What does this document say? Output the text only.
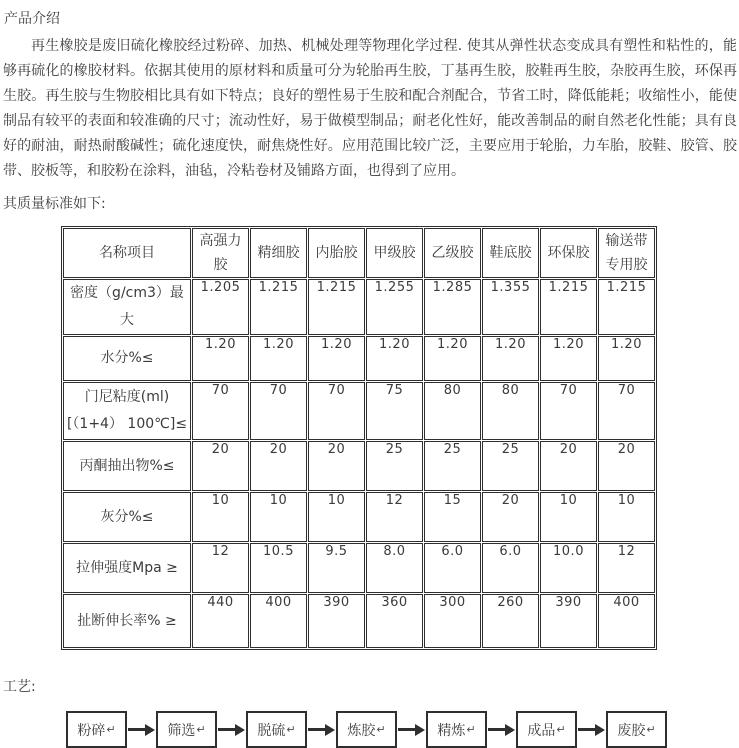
产品介绍

再生橡胶是废旧硫化橡胶经过粉碎、加热、机械处理等物理化学过程. 使其从弹性状态变成具有塑性和粘性的，能够再硫化的橡胶材料。依据其使用的原材料和质量可分为轮胎再生胶，丁基再生胶，胶鞋再生胶，杂胶再生胶，环保再生胶。再生胶与生物胶相比具有如下特点；良好的塑性易于生胶和配合剂配合，节省工时，降低能耗；收缩性小，能使制品有较平的表面和较准确的尺寸；流动性好，易于做模型制品；耐老化性好，能改善制品的耐自然老化性能；具有良好的耐油，耐热耐酸碱性；硫化速度快，耐焦烧性好。应用范围比较广泛，主要应用于轮胎，力车胎，胶鞋、胶管、胶带、胶板等，和胶粉在涂料，油毡，冷粘卷材及铺路方面，也得到了应用。

其质量标准如下:
名称项目	高强力胶	精细胶	内胎胶	甲级胶	乙级胶	鞋底胶	环保胶	输送带专用胶
密度（g/cm3）最大	1.205	1.215	1.215	1.255	1.285	1.355	1.215	1.215
水分%≤	1.20	1.20	1.20	1.20	1.20	1.20	1.20	1.20
门尼粘度(ml)[（1+4） 100℃]≤	70	70	70	75	80	80	70	70
丙酮抽出物%≤	20	20	20	25	25	25	20	20
灰分%≤	10	10	10	12	15	20	10	10
拉伸强度Mpa ≥	12	10.5	9.5	8.0	6.0	6.0	10.0	12
扯断伸长率% ≥	440	400	390	360	300	260	390	400
工艺:
粉碎 ↵	筛选 ↵	脱硫 ↵	炼胶 ↵	精炼 ↵	成品 ↵	废胶 ↵
